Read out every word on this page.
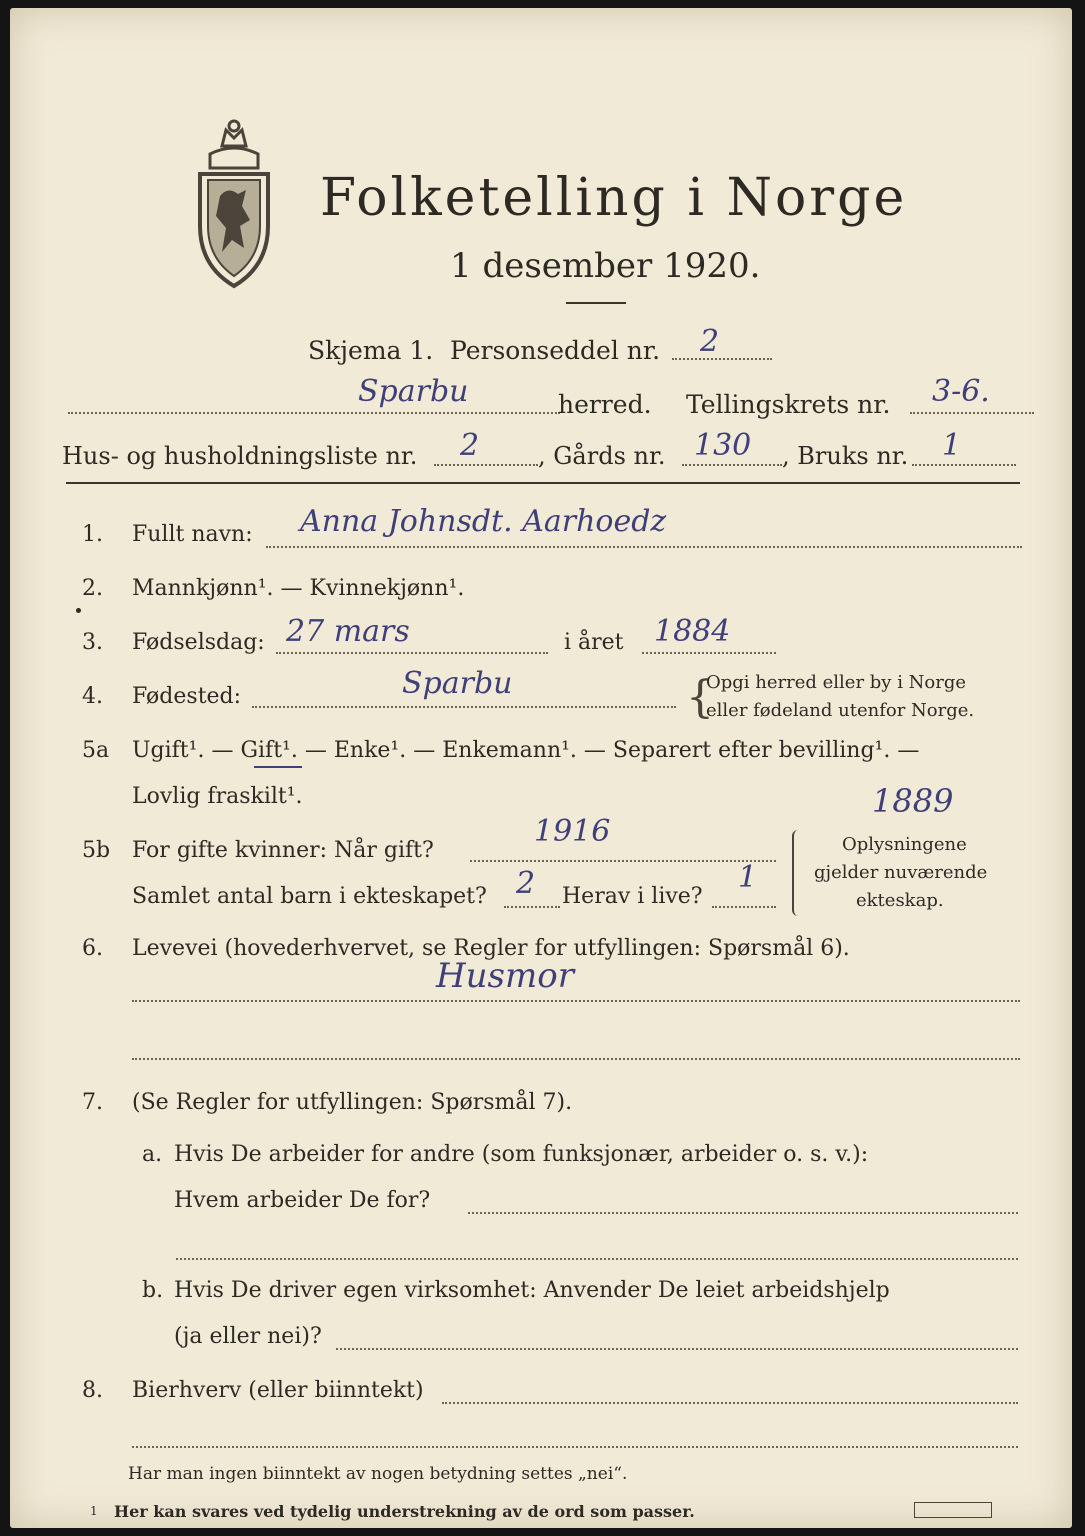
Folketelling i Norge
1 desember 1920.
Skjema 1. Personseddel nr. 2
Sparbu	herred. Tellingskrets nr. 3-6.
Hus- og husholdningsliste nr. 2 , Gårds nr. 130 , Bruks nr. 1
1. Fullt navn: Anna Johnsdt. Aarhoedz
2. Mannkjønn¹. — Kvinnekjønn¹.
3. Fødselsdag: 27 mars	i året 1884
4. Fødested:	Sparbu	{
Opgi herred eller by i Norge
eller fødeland utenfor Norge.
5a Ugift¹. — Gift¹. — Enke¹. — Enkemann¹. — Separert efter bevilling¹. —
Lovlig fraskilt¹.	1889
5b For gifte kvinner: Når gift?
1916
Samlet antal barn i ekteskapet? 2 Herav i live?
1
Oplysningene
gjelder nuværende
ekteskap.
6. Levevei (hovederhvervet, se Regler for utfyllingen: Spørsmål 6).
Husmor
7. (Se Regler for utfyllingen: Spørsmål 7).
a. Hvis De arbeider for andre (som funksjonær, arbeider o. s. v.):
Hvem arbeider De for?
b. Hvis De driver egen virksomhet: Anvender De leiet arbeidshjelp
(ja eller nei)?
8. Bierhverv (eller biinntekt)
Har man ingen biinntekt av nogen betydning settes „nei“.
1 Her kan svares ved tydelig understrekning av de ord som passer.
